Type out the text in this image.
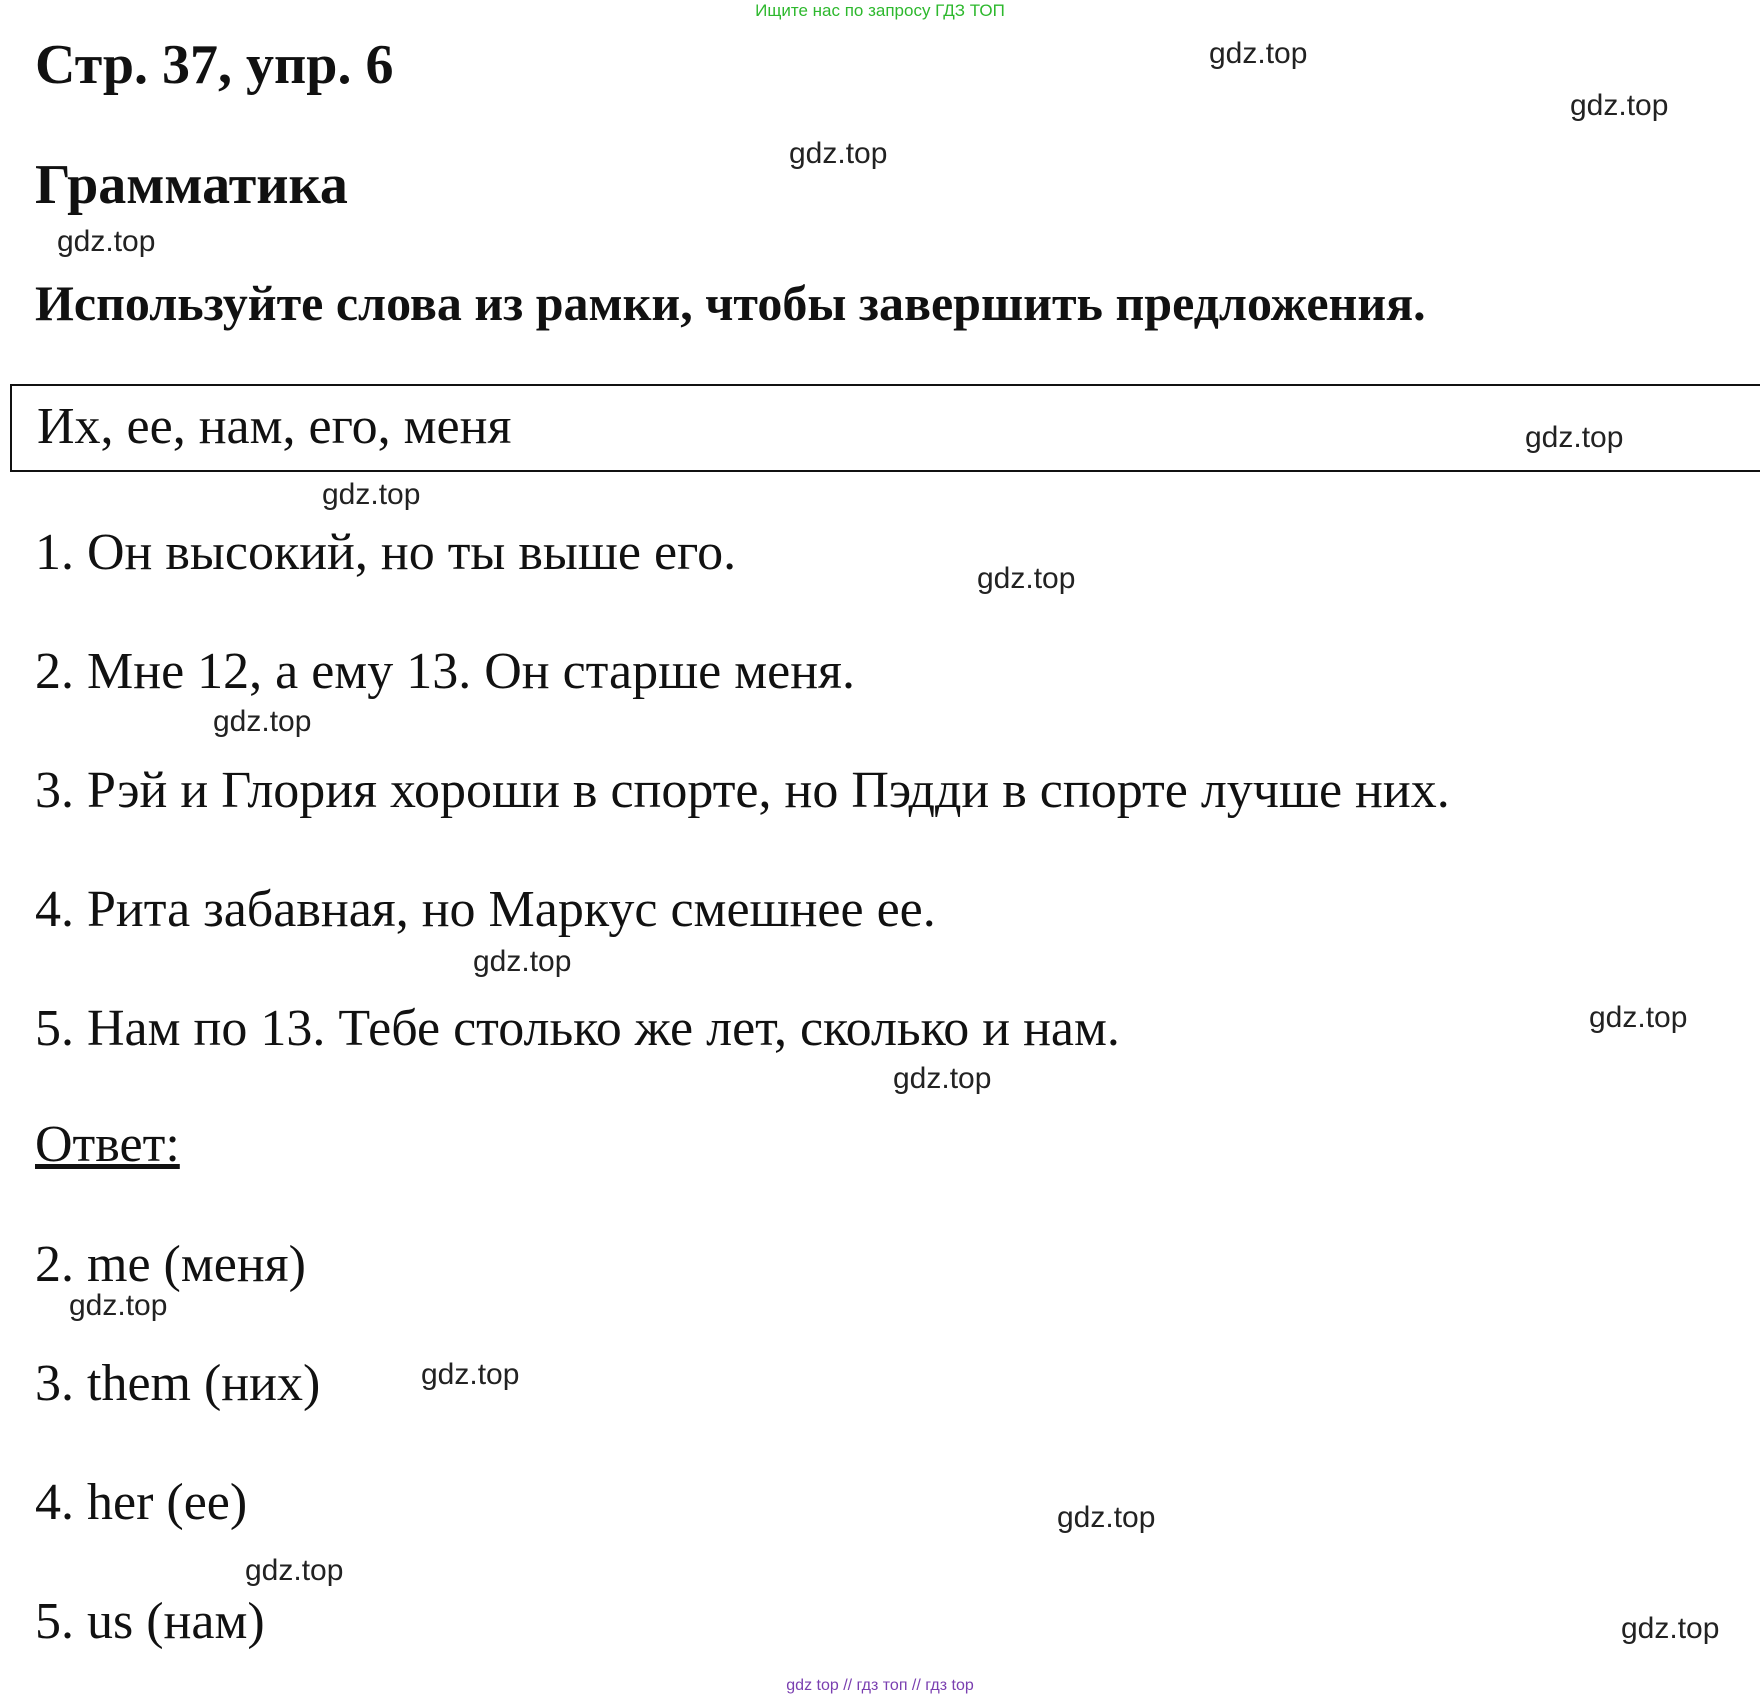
Ищите нас по запросу ГДЗ ТОП
Стр. 37, упр. 6
Грамматика

Используйте слова из рамки, чтобы завершить предложения.

Их, ее, нам, его, меня

1. Он высокий, но ты выше его.

2. Мне 12, а ему 13. Он старше меня.

3. Рэй и Глория хороши в спорте, но Пэдди в спорте лучше них.

4. Рита забавная, но Маркус смешнее ее.

5. Нам по 13. Тебе столько же лет, сколько и нам.

Ответ:

2. me (меня)

3. them (них)

4. her (ее)

5. us (нам)

gdz.top
gdz.top
gdz.top
gdz.top
gdz.top
gdz.top
gdz.top
gdz.top
gdz.top
gdz.top
gdz.top
gdz.top
gdz.top
gdz.top
gdz.top
gdz.top
gdz top // гдз топ // гдз top
